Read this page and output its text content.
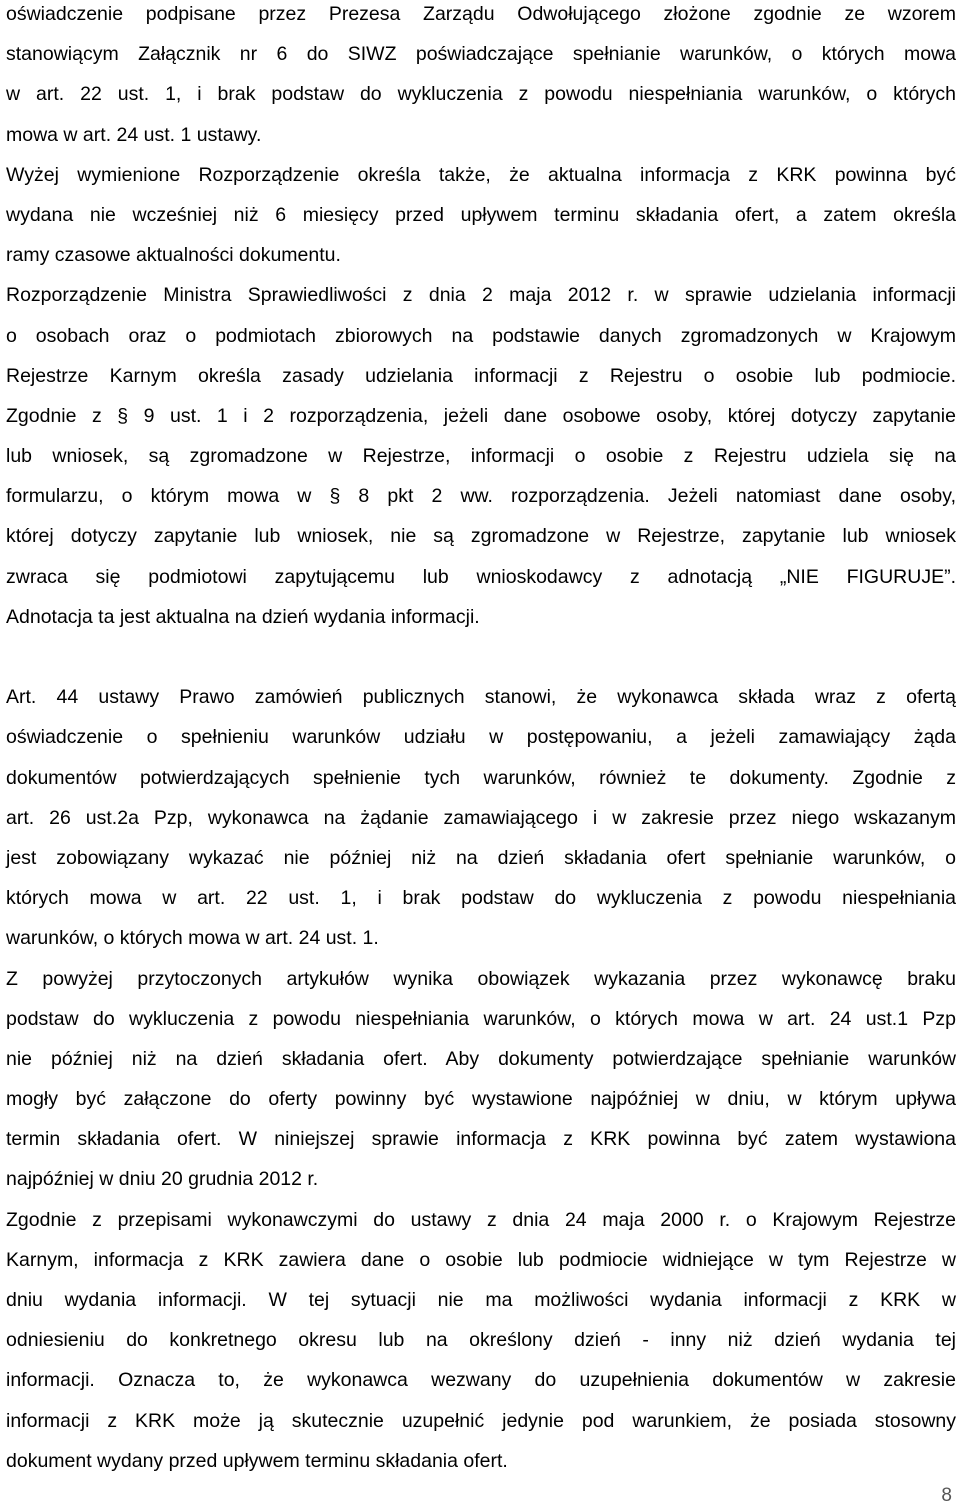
oświadczenie podpisane przez Prezesa Zarządu Odwołującego złożone zgodnie ze wzorem
stanowiącym Załącznik nr 6 do SIWZ poświadczające spełnianie warunków, o których mowa
w art. 22 ust. 1, i brak podstaw do wykluczenia z powodu niespełniania warunków, o których
mowa w art. 24 ust. 1 ustawy.
Wyżej wymienione Rozporządzenie określa także, że aktualna informacja z KRK powinna być
wydana nie wcześniej niż 6 miesięcy przed upływem terminu składania ofert, a zatem określa
ramy czasowe aktualności dokumentu.
Rozporządzenie Ministra Sprawiedliwości z dnia 2 maja 2012 r. w sprawie udzielania informacji
o osobach oraz o podmiotach zbiorowych na podstawie danych zgromadzonych w Krajowym
Rejestrze Karnym określa zasady udzielania informacji z Rejestru o osobie lub podmiocie.
Zgodnie z § 9 ust. 1 i 2 rozporządzenia, jeżeli dane osobowe osoby, której dotyczy zapytanie
lub wniosek, są zgromadzone w Rejestrze, informacji o osobie z Rejestru udziela się na
formularzu, o którym mowa w § 8 pkt 2 ww. rozporządzenia. Jeżeli natomiast dane osoby,
której dotyczy zapytanie lub wniosek, nie są zgromadzone w Rejestrze, zapytanie lub wniosek
zwraca się podmiotowi zapytującemu lub wnioskodawcy z adnotacją „NIE FIGURUJE”.
Adnotacja ta jest aktualna na dzień wydania informacji.
Art. 44 ustawy Prawo zamówień publicznych stanowi, że wykonawca składa wraz z ofertą
oświadczenie o spełnieniu warunków udziału w postępowaniu, a jeżeli zamawiający żąda
dokumentów potwierdzających spełnienie tych warunków, również te dokumenty. Zgodnie z
art. 26 ust.2a Pzp, wykonawca na żądanie zamawiającego i w zakresie przez niego wskazanym
jest zobowiązany wykazać nie później niż na dzień składania ofert spełnianie warunków, o
których mowa w art. 22 ust. 1, i brak podstaw do wykluczenia z powodu niespełniania
warunków, o których mowa w art. 24 ust. 1.
Z powyżej przytoczonych artykułów wynika obowiązek wykazania przez wykonawcę braku
podstaw do wykluczenia z powodu niespełniania warunków, o których mowa w art. 24 ust.1 Pzp
nie później niż na dzień składania ofert. Aby dokumenty potwierdzające spełnianie warunków
mogły być załączone do oferty powinny być wystawione najpóźniej w dniu, w którym upływa
termin składania ofert. W niniejszej sprawie informacja z KRK powinna być zatem wystawiona
najpóźniej w dniu 20 grudnia 2012 r.
Zgodnie z przepisami wykonawczymi do ustawy z dnia 24 maja 2000 r. o Krajowym Rejestrze
Karnym, informacja z KRK zawiera dane o osobie lub podmiocie widniejące w tym Rejestrze w
dniu wydania informacji. W tej sytuacji nie ma możliwości wydania informacji z KRK w
odniesieniu do konkretnego okresu lub na określony dzień - inny niż dzień wydania tej
informacji. Oznacza to, że wykonawca wezwany do uzupełnienia dokumentów w zakresie
informacji z KRK może ją skutecznie uzupełnić jedynie pod warunkiem, że posiada stosowny
dokument wydany przed upływem terminu składania ofert.
8
